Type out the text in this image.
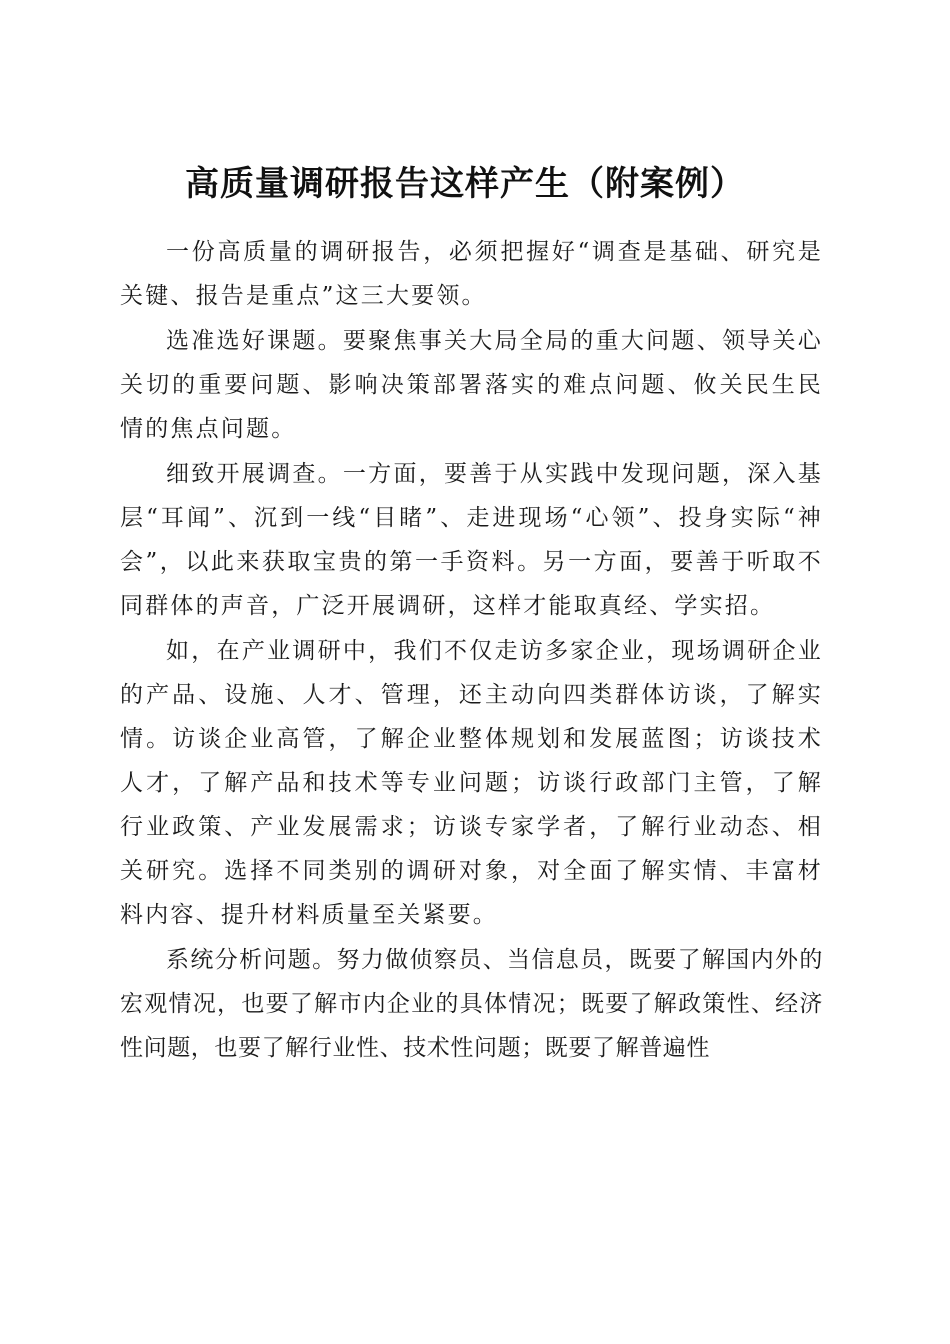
高质量调研报告这样产生（附案例）

一份高质量的调研报告，必须把握好“调查是基础、研究是关键、报告是重点”这三大要领。

选准选好课题。要聚焦事关大局全局的重大问题、领导关心关切的重要问题、影响决策部署落实的难点问题、攸关民生民情的焦点问题。

细致开展调查。一方面，要善于从实践中发现问题，深入基层“耳闻”、沉到一线“目睹”、走进现场“心领”、投身实际“神会”，以此来获取宝贵的第一手资料。另一方面，要善于听取不同群体的声音，广泛开展调研，这样才能取真经、学实招。

如，在产业调研中，我们不仅走访多家企业，现场调研企业的产品、设施、人才、管理，还主动向四类群体访谈，了解实情。访谈企业高管，了解企业整体规划和发展蓝图；访谈技术人才，了解产品和技术等专业问题；访谈行政部门主管，了解行业政策、产业发展需求；访谈专家学者，了解行业动态、相关研究。选择不同类别的调研对象，对全面了解实情、丰富材料内容、提升材料质量至关紧要。

系统分析问题。努力做侦察员、当信息员，既要了解国内外的宏观情况，也要了解市内企业的具体情况；既要了解政策性、经济性问题，也要了解行业性、技术性问题；既要了解普遍性
